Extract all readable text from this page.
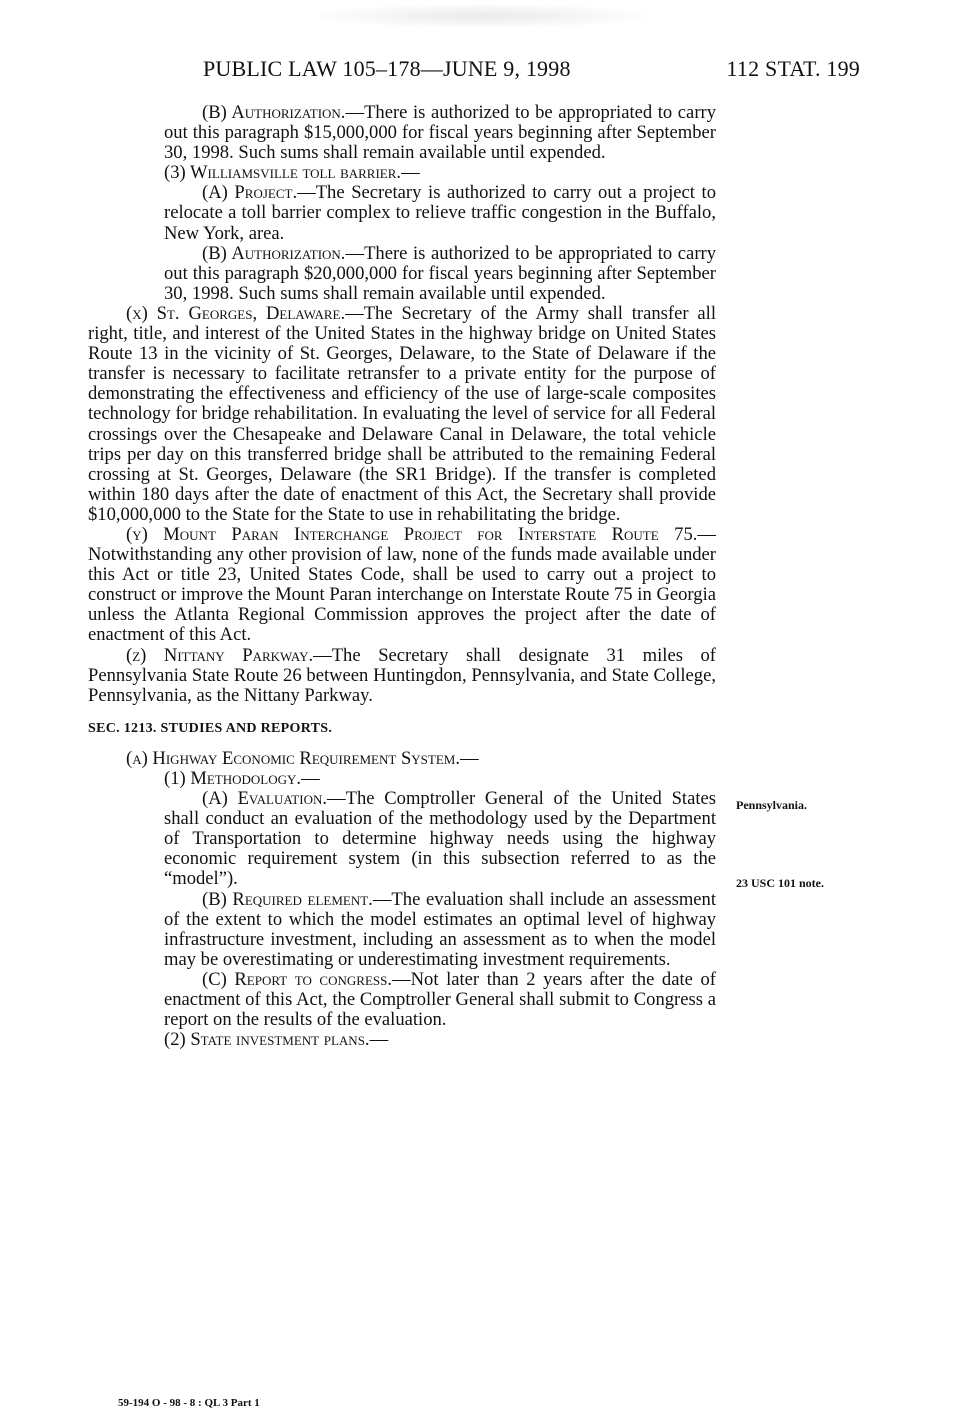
PUBLIC LAW 105–178—JUNE 9, 1998	112 STAT. 199

(B) Authorization.—There is authorized to be appropriated to carry out this paragraph $15,000,000 for fiscal years beginning after September 30, 1998. Such sums shall remain available until expended.

(3) Williamsville toll barrier.—

(A) Project.—The Secretary is authorized to carry out a project to relocate a toll barrier complex to relieve traffic congestion in the Buffalo, New York, area.

(B) Authorization.—There is authorized to be appropriated to carry out this paragraph $20,000,000 for fiscal years beginning after September 30, 1998. Such sums shall remain available until expended.

(x) St. Georges, Delaware.—The Secretary of the Army shall transfer all right, title, and interest of the United States in the highway bridge on United States Route 13 in the vicinity of St. Georges, Delaware, to the State of Delaware if the transfer is necessary to facilitate retransfer to a private entity for the purpose of demonstrating the effectiveness and efficiency of the use of large-scale composites technology for bridge rehabilitation. In evaluating the level of service for all Federal crossings over the Chesapeake and Delaware Canal in Delaware, the total vehicle trips per day on this transferred bridge shall be attributed to the remaining Federal crossing at St. Georges, Delaware (the SR1 Bridge). If the transfer is completed within 180 days after the date of enactment of this Act, the Secretary shall provide $10,000,000 to the State for the State to use in rehabilitating the bridge.

(y) Mount Paran Interchange Project for Interstate Route 75.—Notwithstanding any other provision of law, none of the funds made available under this Act or title 23, United States Code, shall be used to carry out a project to construct or improve the Mount Paran interchange on Interstate Route 75 in Georgia unless the Atlanta Regional Commission approves the project after the date of enactment of this Act.

(z) Nittany Parkway.—The Secretary shall designate 31 miles of Pennsylvania State Route 26 between Huntingdon, Pennsylvania, and State College, Pennsylvania, as the Nittany Parkway.

SEC. 1213. STUDIES AND REPORTS.

(a) Highway Economic Requirement System.—

(1) Methodology.—

(A) Evaluation.—The Comptroller General of the United States shall conduct an evaluation of the methodology used by the Department of Transportation to determine highway needs using the highway economic requirement system (in this subsection referred to as the “model”).

(B) Required element.—The evaluation shall include an assessment of the extent to which the model estimates an optimal level of highway infrastructure investment, including an assessment as to when the model may be overestimating or underestimating investment requirements.

(C) Report to congress.—Not later than 2 years after the date of enactment of this Act, the Comptroller General shall submit to Congress a report on the results of the evaluation.

(2) State investment plans.—

Pennsylvania.
23 USC 101 note.
59-194 O - 98 - 8 : QL 3 Part 1
